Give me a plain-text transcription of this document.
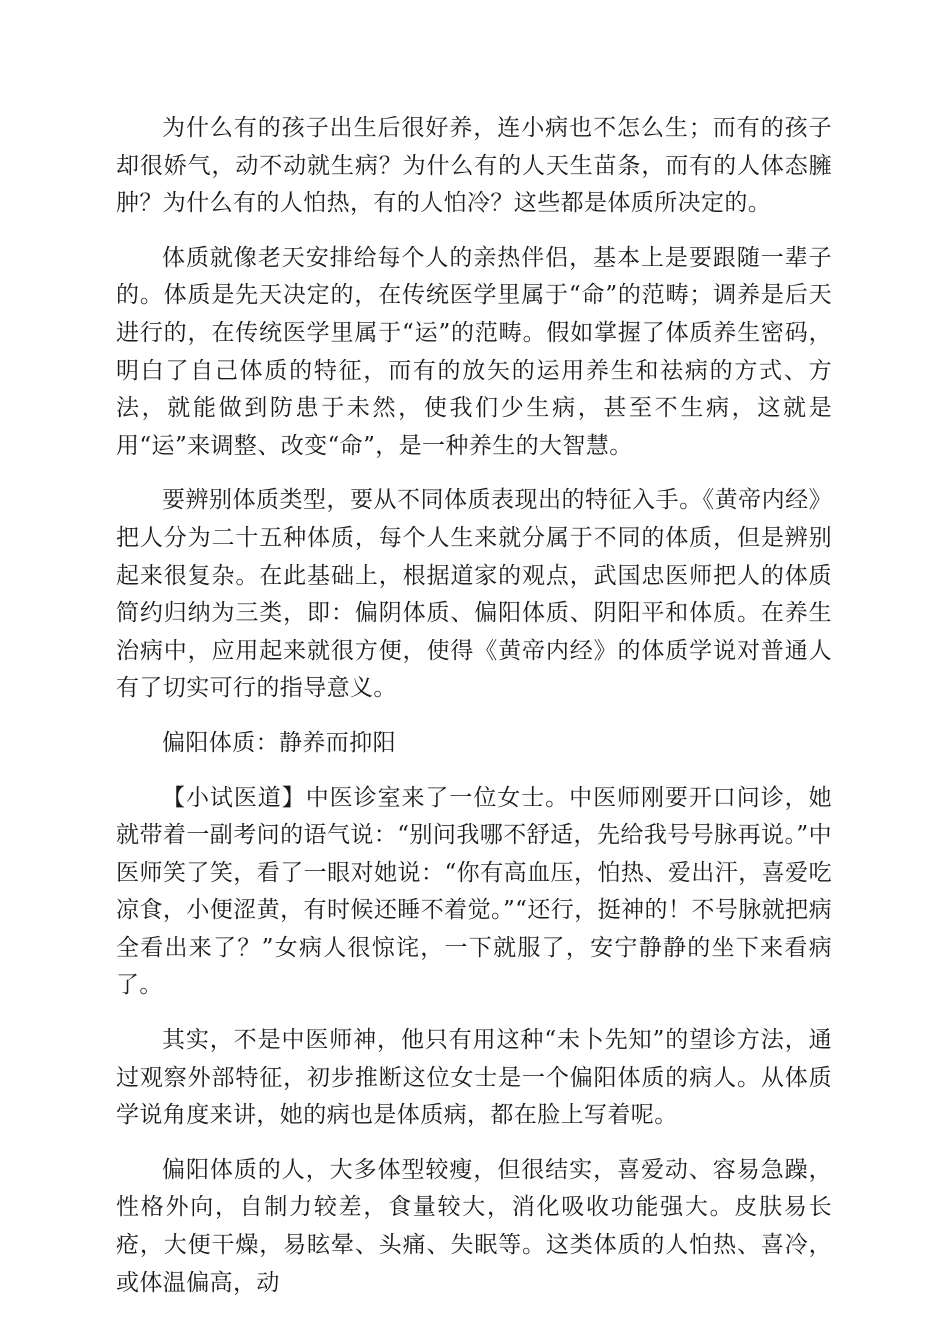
为什么有的孩子出生后很好养，连小病也不怎么生；而有的孩子却很娇气，动不动就生病？为什么有的人天生苗条，而有的人体态臃肿？为什么有的人怕热，有的人怕冷？这些都是体质所决定的。

体质就像老天安排给每个人的亲热伴侣，基本上是要跟随一辈子的。体质是先天决定的，在传统医学里属于“命”的范畴；调养是后天进行的，在传统医学里属于“运”的范畴。假如掌握了体质养生密码，明白了自己体质的特征，而有的放矢的运用养生和祛病的方式、方法，就能做到防患于未然，使我们少生病，甚至不生病，这就是用“运”来调整、改变“命”，是一种养生的大智慧。

要辨别体质类型，要从不同体质表现出的特征入手。《黄帝内经》把人分为二十五种体质，每个人生来就分属于不同的体质，但是辨别起来很复杂。在此基础上，根据道家的观点，武国忠医师把人的体质简约归纳为三类，即：偏阴体质、偏阳体质、阴阳平和体质。在养生治病中，应用起来就很方便，使得《黄帝内经》的体质学说对普通人有了切实可行的指导意义。

偏阳体质：静养而抑阳

【小试医道】中医诊室来了一位女士。中医师刚要开口问诊，她就带着一副考问的语气说：“别问我哪不舒适，先给我号号脉再说。”中医师笑了笑，看了一眼对她说：“你有高血压，怕热、爱出汗，喜爱吃凉食，小便涩黄，有时候还睡不着觉。”“还行，挺神的！不号脉就把病全看出来了？”女病人很惊诧，一下就服了，安宁静静的坐下来看病了。

其实，不是中医师神，他只有用这种“未卜先知”的望诊方法，通过观察外部特征，初步推断这位女士是一个偏阳体质的病人。从体质学说角度来讲，她的病也是体质病，都在脸上写着呢。

偏阳体质的人，大多体型较瘦，但很结实，喜爱动、容易急躁，性格外向，自制力较差，食量较大，消化吸收功能强大。皮肤易长疮，大便干燥，易眩晕、头痛、失眠等。这类体质的人怕热、喜冷，或体温偏高，动
